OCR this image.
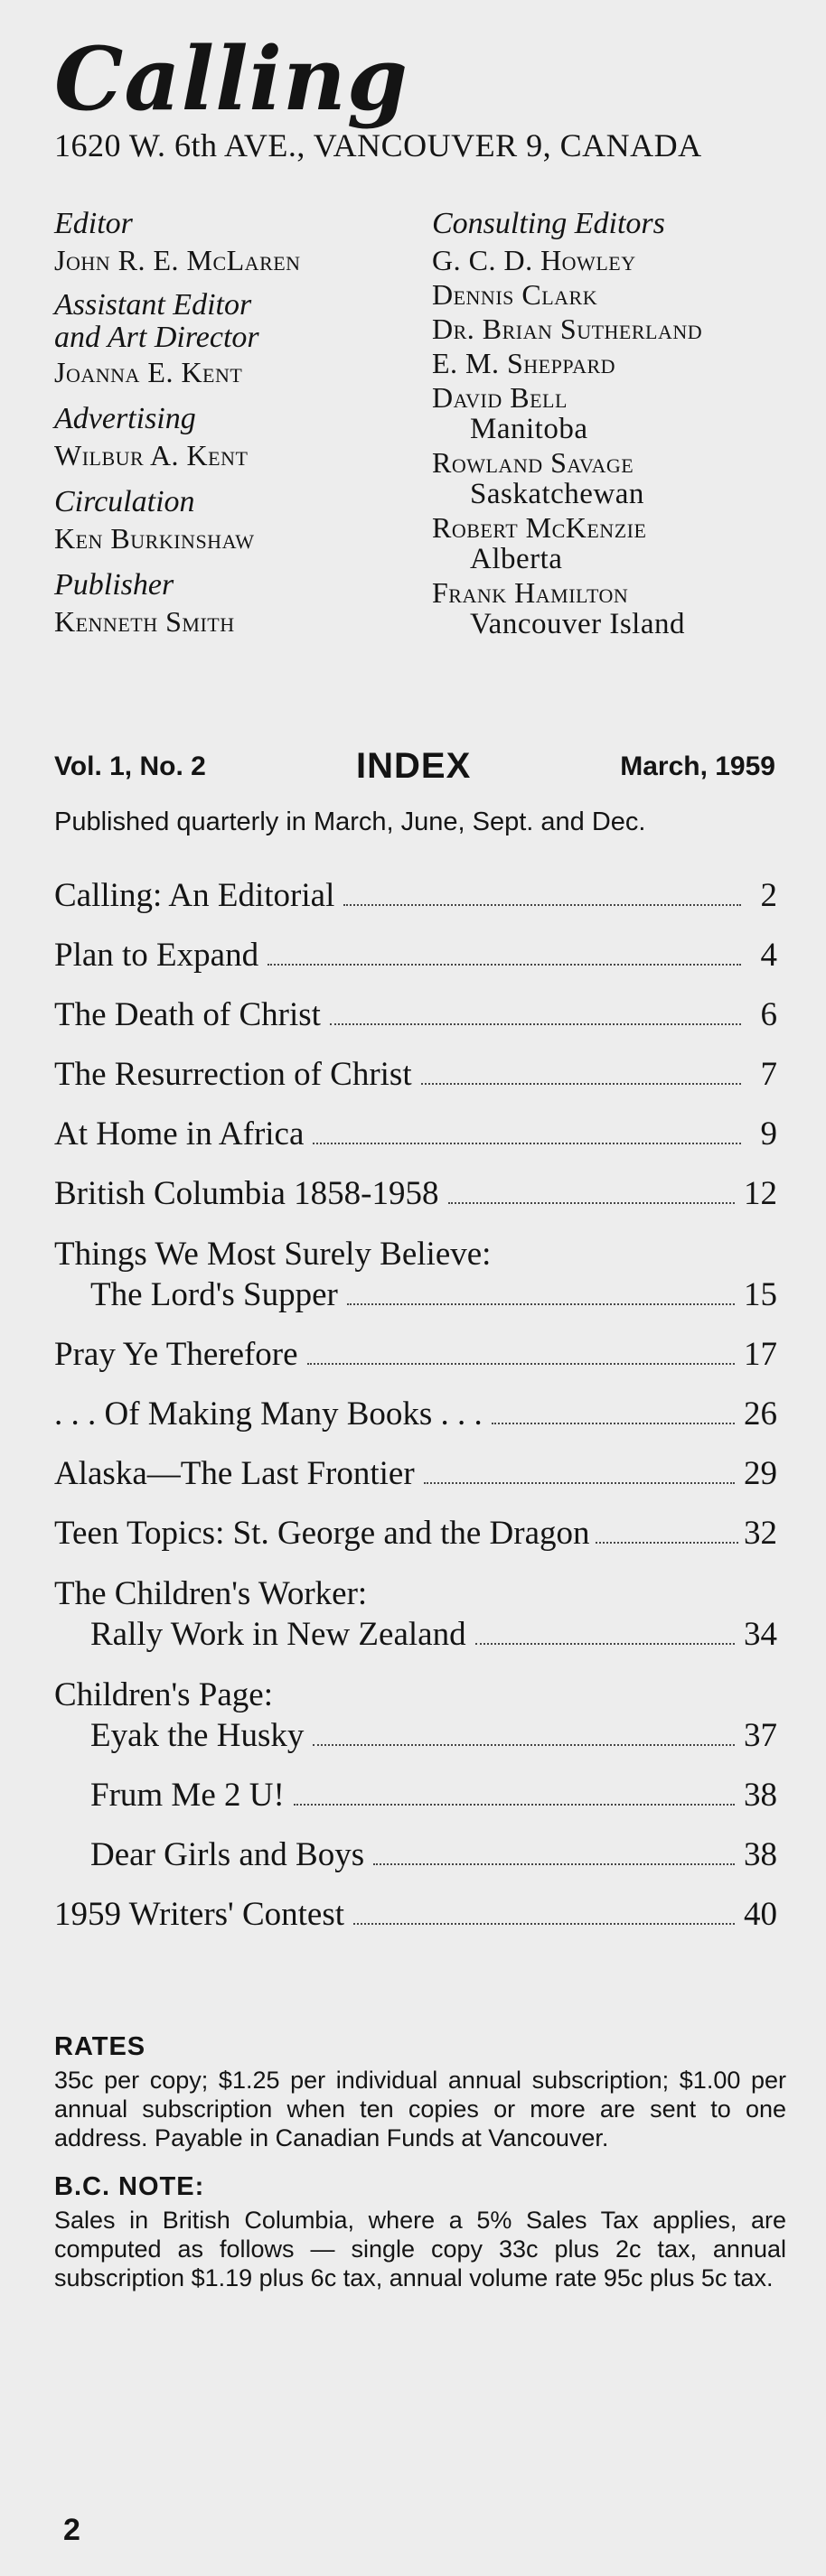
Calling
1620 W. 6th AVE., VANCOUVER 9, CANADA
Editor
John R. E. McLaren
Assistant Editor
and Art Director
Joanna E. Kent
Advertising
Wilbur A. Kent
Circulation
Ken Burkinshaw
Publisher
Kenneth Smith
Consulting Editors
G. C. D. Howley
Dennis Clark
Dr. Brian Sutherland
E. M. Sheppard
David Bell
Manitoba
Rowland Savage
Saskatchewan
Robert McKenzie
Alberta
Frank Hamilton
Vancouver Island
Vol. 1, No. 2	INDEX	March, 1959
Published quarterly in March, June, Sept. and Dec.
Calling: An Editorial	2
Plan to Expand	4
The Death of Christ	6
The Resurrection of Christ	7
At Home in Africa	9
British Columbia 1858-1958	12
Things We Most Surely Believe:
The Lord's Supper	15
Pray Ye Therefore	17
. . . Of Making Many Books . . .	26
Alaska—The Last Frontier	29
Teen Topics: St. George and the Dragon	32
The Children's Worker:
Rally Work in New Zealand	34
Children's Page:
Eyak the Husky	37
Frum Me 2 U!	38
Dear Girls and Boys	38
1959 Writers' Contest	40
RATES

35c per copy; $1.25 per individual annual subscription; $1.00 per annual subscription when ten copies or more are sent to one address. Payable in Canadian Funds at Vancouver.

B.C. NOTE:

Sales in British Columbia, where a 5% Sales Tax applies, are computed as follows — single copy 33c plus 2c tax, annual subscription $1.19 plus 6c tax, annual volume rate 95c plus 5c tax.

2
